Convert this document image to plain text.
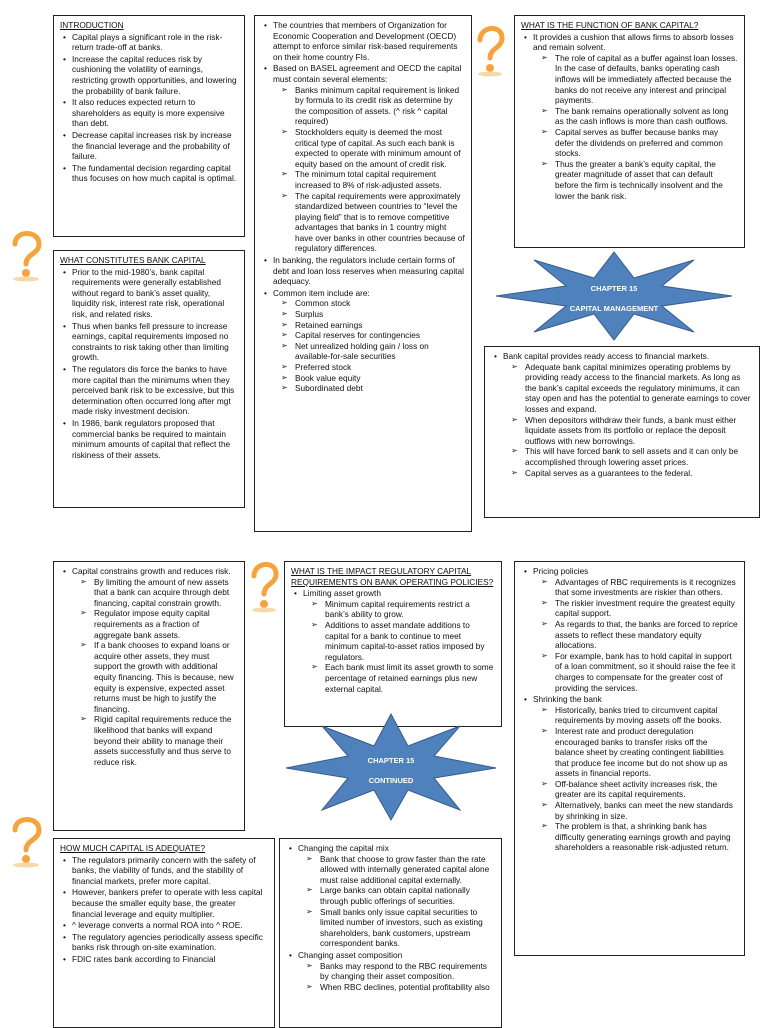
INTRODUCTION
• Capital plays a significant role in the risk-return trade-off at banks.
• Increase the capital reduces risk by cushioning the volatility of earnings, restricting growth opportunities, and lowering the probability of bank failure.
• It also reduces expected return to shareholders as equity is more expensive than debt.
• Decrease capital increases risk by increase the financial leverage and the probability of failure.
• The fundamental decision regarding capital thus focuses on how much capital is optimal.
• The countries that members of Organization for Economic Cooperation and Development (OECD) attempt to enforce similar risk-based requirements on their home country FIs.
• Based on BASEL agreement and OECD the capital must contain several elements:
➢ Banks minimum capital requirement is linked by formula to its credit risk as determine by the composition of assets. (^ risk ^ capital required)
➢ Stockholders equity is deemed the most critical type of capital. As such each bank is expected to operate with minimum amount of equity based on the amount of credit risk.
➢ The minimum total capital requirement increased to 8% of risk-adjusted assets.
➢ The capital requirements were approximately standardized between countries to “level the playing field” that is to remove competitive advantages that banks in 1 country might have over banks in other countries because of regulatory differences.
• In banking, the regulators include certain forms of debt and loan loss reserves when measuring capital adequacy.
• Common item include are:
➢ Common stock
➢ Surplus
➢ Retained earnings
➢ Capital reserves for contingencies
➢ Net unrealized holding gain / loss on available-for-sale securities
➢ Preferred stock
➢ Book value equity
➢ Subordinated debt
WHAT IS THE FUNCTION OF BANK CAPITAL?
• It provides a cushion that allows firms to absorb losses and remain solvent.
➢ The role of capital as a buffer against loan losses. In the case of defaults, banks operating cash inflows will be immediately affected because the banks do not receive any interest and principal payments.
➢ The bank remains operationally solvent as long as the cash inflows is more than cash outflows.
➢ Capital serves as buffer because banks may defer the dividends on preferred and common stocks.
➢ Thus the greater a bank’s equity capital, the greater magnitude of asset that can default before the firm is technically insolvent and the lower the bank risk.
CHAPTER 15
CAPITAL MANAGEMENT
WHAT CONSTITUTES BANK CAPITAL
• Prior to the mid-1980’s, bank capital requirements were generally established without regard to bank’s asset quality, liquidity risk, interest rate risk, operational risk, and related risks.
• Thus when banks fell pressure to increase earnings, capital requirements imposed no constraints to risk taking other than limiting growth.
• The regulators dis force the banks to have more capital than the minimums when they perceived bank risk to be excessive, but this determination often occurred long after mgt made risky investment decision.
• In 1986, bank regulators proposed that commercial banks be required to maintain minimum amounts of capital that reflect the riskiness of their assets.
• Bank capital provides ready access to financial markets.
➢ Adequate bank capital minimizes operating problems by providing ready access to the financial markets. As long as the bank’s capital exceeds the regulatory minimums, it can stay open and has the potential to generate earnings to cover losses and expand.
➢ When depositors withdraw their funds, a bank must either liquidate assets from its portfolio or replace the deposit outflows with new borrowings.
➢ This will have forced bank to sell assets and it can only be accomplished through lowering asset prices.
➢ Capital serves as a guarantees to the federal.
• Capital constrains growth and reduces risk.
➢ By limiting the amount of new assets that a bank can acquire through debt financing, capital constrain growth.
➢ Regulator impose equity capital requirements as a fraction of aggregate bank assets.
➢ If a bank chooses to expand loans or acquire other assets, they must support the growth with additional equity financing. This is because, new equity is expensive, expected asset returns must be high to justify the financing.
➢ Rigid capital requirements reduce the likelihood that banks will expand beyond their ability to manage their assets successfully and thus serve to reduce risk.
WHAT IS THE IMPACT REGULATORY CAPITAL REQUIREMENTS ON BANK OPERATING POLICIES?
• Limiting asset growth
➢ Minimum capital requirements restrict a bank’s ability to grow.
➢ Additions to asset mandate additions to capital for a bank to continue to meet minimum capital-to-asset ratios imposed by regulators.
➢ Each bank must limit its asset growth to some percentage of retained earnings plus new external capital.
CHAPTER 15
CONTINUED
• Pricing policies
➢ Advantages of RBC requirements is it recognizes that some investments are riskier than others.
➢ The riskier investment require the greatest equity capital support.
➢ As regards to that, the banks are forced to reprice assets to reflect these mandatory equity allocations.
➢ For example, bank has to hold capital in support of a loan commitment, so it should raise the fee it charges to compensate for the greater cost of providing the services.
• Shrinking the bank
➢ Historically, banks tried to circumvent capital requirements by moving assets off the books.
➢ Interest rate and product deregulation encouraged banks to transfer risks off the balance sheet by creating contingent liabilities that produce fee income but do not show up as assets in financial reports.
➢ Off-balance sheet activity increases risk, the greater are its capital requirements.
➢ Alternatively, banks can meet the new standards by shrinking in size.
➢ The problem is that, a shrinking bank has difficulty generating earnings growth and paying shareholders a reasonable risk-adjusted return.
HOW MUCH CAPITAL IS ADEQUATE?
• The regulators primarily concern with the safety of banks, the viability of funds, and the stability of financial markets, prefer more capital.
• However, bankers prefer to operate with less capital because the smaller equity base, the greater financial leverage and equity multiplier.
• ^ leverage converts a normal ROA into ^ ROE.
• The regulatory agencies periodically assess specific banks risk through on-site examination.
• FDIC rates bank according to Financial
• Changing the capital mix
➢ Bank that choose to grow faster than the rate allowed with internally generated capital alone must raise additional capital externally.
➢ Large banks can obtain capital nationally through public offerings of securities.
➢ Small banks only issue capital securities to limited number of investors, such as existing shareholders, bank customers, upstream correspondent banks.
• Changing asset composition
➢ Banks may respond to the RBC requirements by changing their asset composition.
➢ When RBC declines, potential profitability also
